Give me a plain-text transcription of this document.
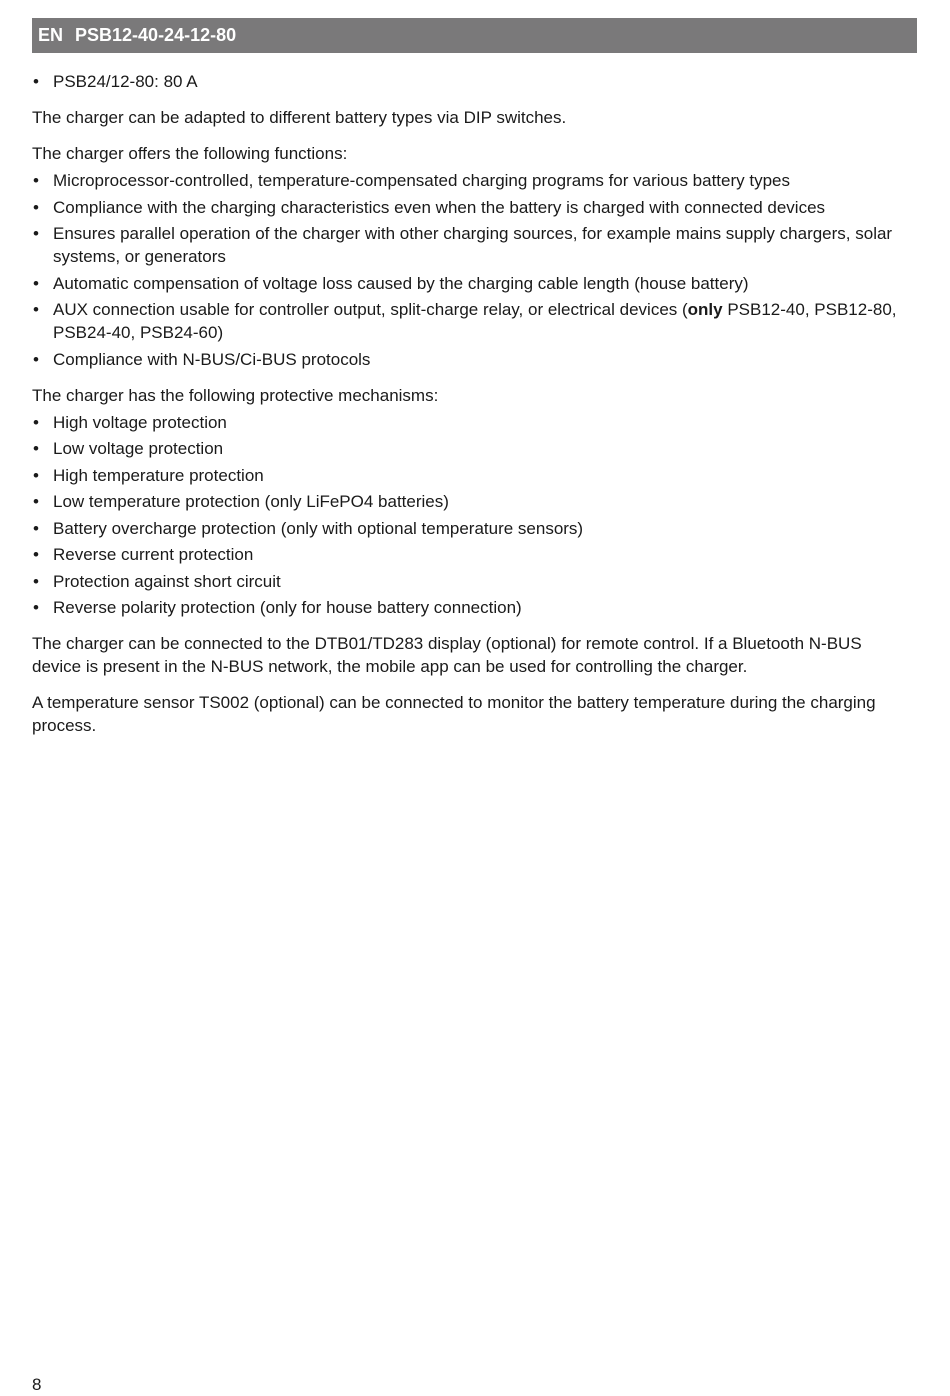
EN PSB12-40-24-12-80
• PSB24/12-80: 80 A

The charger can be adapted to different battery types via DIP switches.

The charger offers the following functions:

• Microprocessor-controlled, temperature-compensated charging programs for various battery types
• Compliance with the charging characteristics even when the battery is charged with connected devices
• Ensures parallel operation of the charger with other charging sources, for example mains supply chargers, solar systems, or generators
• Automatic compensation of voltage loss caused by the charging cable length (house battery)
• AUX connection usable for controller output, split-charge relay, or electrical devices (only PSB12-40, PSB12-80, PSB24-40, PSB24-60)
• Compliance with N-BUS/Ci-BUS protocols

The charger has the following protective mechanisms:

• High voltage protection
• Low voltage protection
• High temperature protection
• Low temperature protection (only LiFePO4 batteries)
• Battery overcharge protection (only with optional temperature sensors)
• Reverse current protection
• Protection against short circuit
• Reverse polarity protection (only for house battery connection)

The charger can be connected to the DTB01/TD283 display (optional) for remote control. If a Bluetooth N-BUS device is present in the N-BUS network, the mobile app can be used for controlling the charger.

A temperature sensor TS002 (optional) can be connected to monitor the battery temperature during the charging process.

8
